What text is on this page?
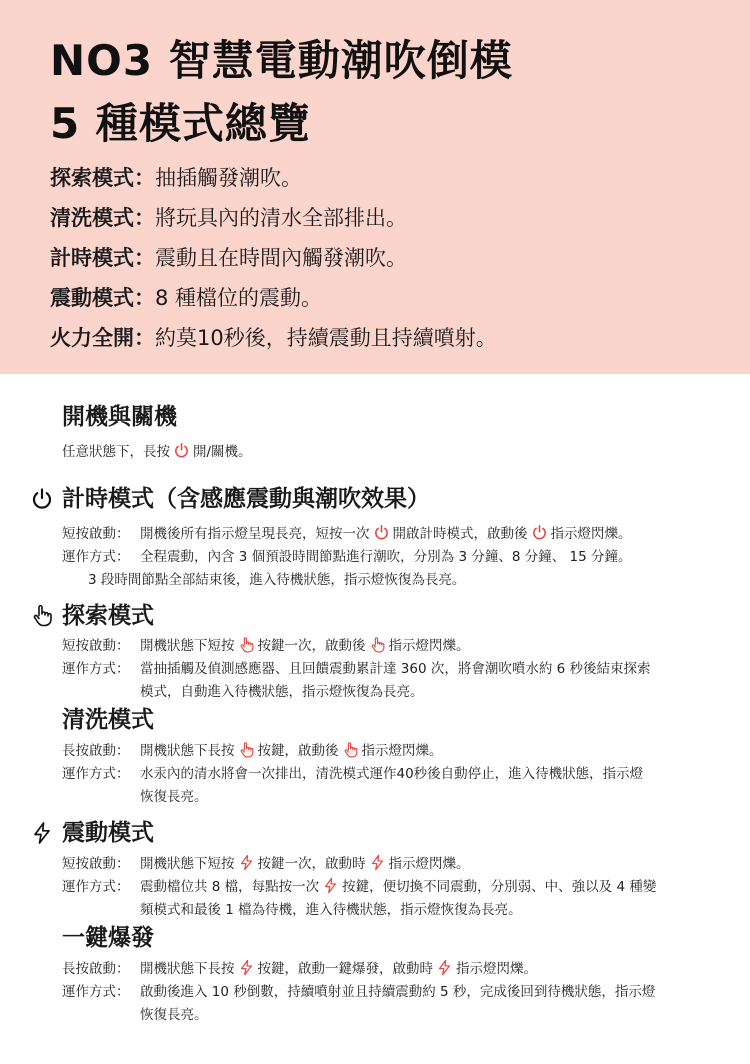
NO3 智慧電動潮吹倒模
5 種模式總覽
探索模式：抽插觸發潮吹。
清洗模式：將玩具內的清水全部排出。
計時模式：震動且在時間內觸發潮吹。
震動模式：8 種檔位的震動。
火力全開：約莫10秒後，持續震動且持續噴射。
開機與關機
任意狀態下，長按 開/關機。
計時模式（含感應震動與潮吹效果）
短按啟動： 開機後所有指示燈呈現長亮，短按一次 開啟計時模式，啟動後 指示燈閃爍。
運作方式： 全程震動，內含 3 個預設時間節點進行潮吹，分別為 3 分鐘、8 分鐘、 15 分鐘。
3 段時間節點全部結束後，進入待機狀態，指示燈恢復為長亮。
探索模式
短按啟動： 開機狀態下短按 按鍵一次，啟動後 指示燈閃爍。
運作方式： 當抽插觸及偵測感應器、且回饋震動累計達 360 次，將會潮吹噴水約 6 秒後結束探索
模式，自動進入待機狀態，指示燈恢復為長亮。
清洗模式
長按啟動： 開機狀態下長按 按鍵，啟動後 指示燈閃爍。
運作方式： 水汞內的清水將會一次排出，清洗模式運作40秒後自動停止，進入待機狀態，指示燈
恢復長亮。
震動模式
短按啟動： 開機狀態下短按 按鍵一次，啟動時 指示燈閃爍。
運作方式： 震動檔位共 8 檔，每點按一次 按鍵，便切換不同震動，分別弱、中、強以及 4 種變
頻模式和最後 1 檔為待機，進入待機狀態，指示燈恢復為長亮。
一鍵爆發
長按啟動： 開機狀態下長按 按鍵，啟動一鍵爆發，啟動時 指示燈閃爍。
運作方式： 啟動後進入 10 秒倒數，持續噴射並且持續震動約 5 秒，完成後回到待機狀態，指示燈
恢復長亮。
